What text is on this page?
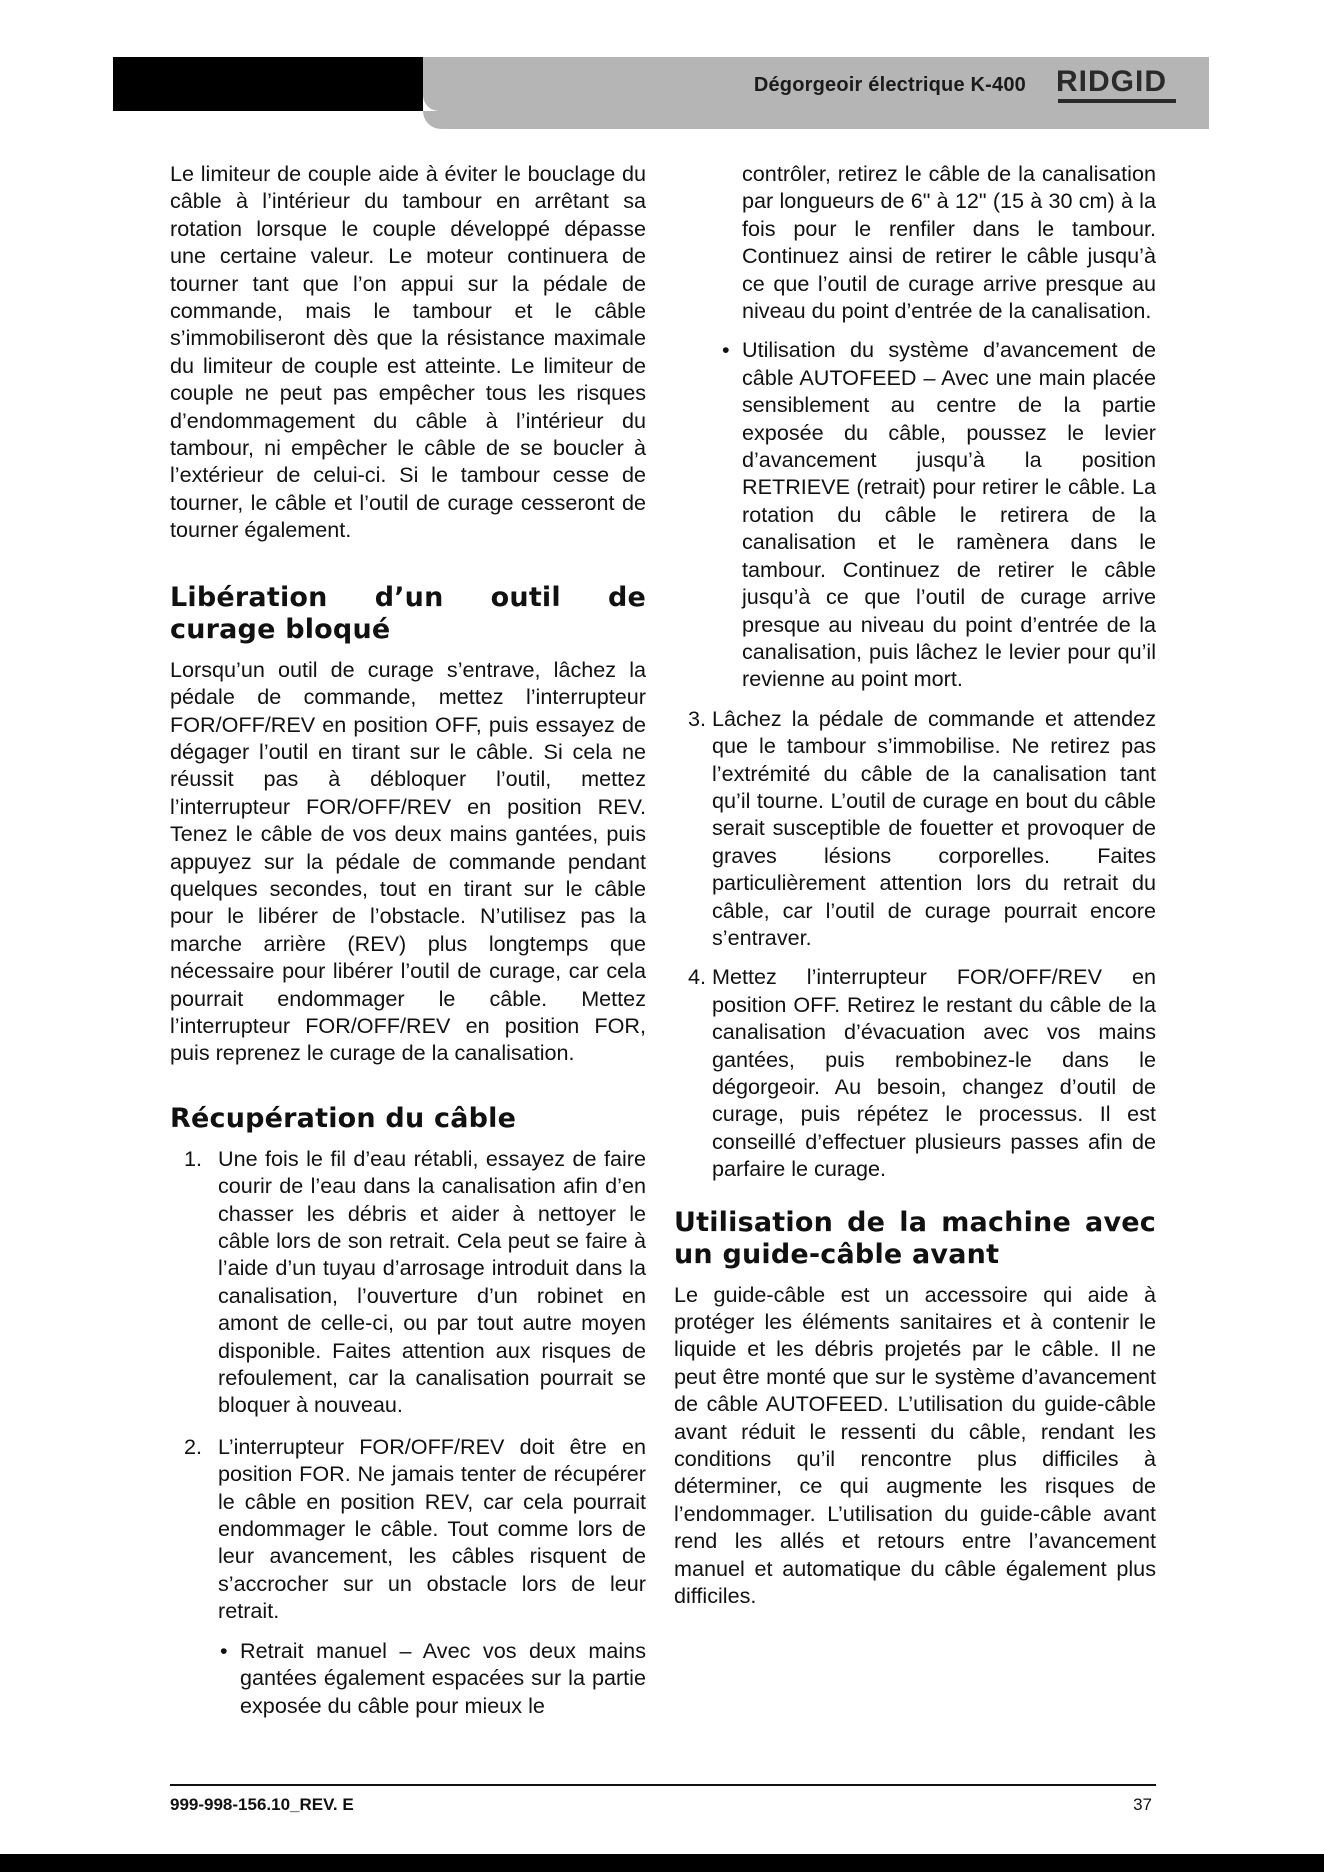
Dégorgeoir électrique K-400 RIDGID

Le limiteur de couple aide à éviter le bouclage du câble à l’intérieur du tambour en arrêtant sa rotation lorsque le couple développé dépasse une certaine valeur. Le moteur continuera de tourner tant que l’on appui sur la pédale de commande, mais le tambour et le câble s’immobiliseront dès que la résistance maximale du limiteur de couple est atteinte. Le limiteur de couple ne peut pas empêcher tous les risques d’endommagement du câble à l’intérieur du tambour, ni empêcher le câble de se boucler à l’extérieur de celui-ci. Si le tambour cesse de tourner, le câble et l’outil de curage cesseront de tourner également.

Libération d’un outil de curage bloqué

Lorsqu’un outil de curage s’entrave, lâchez la pédale de commande, mettez l’interrupteur FOR/OFF/REV en position OFF, puis essayez de dégager l’outil en tirant sur le câble. Si cela ne réussit pas à débloquer l’outil, mettez l’interrupteur FOR/OFF/REV en position REV. Tenez le câble de vos deux mains gantées, puis appuyez sur la pédale de commande pendant quelques secondes, tout en tirant sur le câble pour le libérer de l’obstacle. N’utilisez pas la marche arrière (REV) plus longtemps que nécessaire pour libérer l’outil de curage, car cela pourrait endommager le câble. Mettez l’interrupteur FOR/OFF/REV en position FOR, puis reprenez le curage de la canalisation.

Récupération du câble
1. Une fois le fil d’eau rétabli, essayez de faire courir de l’eau dans la canalisation afin d’en chasser les débris et aider à nettoyer le câble lors de son retrait. Cela peut se faire à l’aide d’un tuyau d’arrosage introduit dans la canalisation, l’ouverture d’un robinet en amont de celle-ci, ou par tout autre moyen disponible. Faites attention aux risques de refoulement, car la canalisation pourrait se bloquer à nouveau.

2. L’interrupteur FOR/OFF/REV doit être en position FOR. Ne jamais tenter de récupérer le câble en position REV, car cela pourrait endommager le câble. Tout comme lors de leur avancement, les câbles risquent de s’accrocher sur un obstacle lors de leur retrait.

• Retrait manuel – Avec vos deux mains gantées également espacées sur la partie exposée du câble pour mieux le

contrôler, retirez le câble de la canalisation par longueurs de 6" à 12" (15 à 30 cm) à la fois pour le renfiler dans le tambour. Continuez ainsi de retirer le câble jusqu’à ce que l’outil de curage arrive presque au niveau du point d’entrée de la canalisation.

• Utilisation du système d’avancement de câble AUTOFEED – Avec une main placée sensiblement au centre de la partie exposée du câble, poussez le levier d’avancement jusqu’à la position RETRIEVE (retrait) pour retirer le câble. La rotation du câble le retirera de la canalisation et le ramènera dans le tambour. Continuez de retirer le câble jusqu’à ce que l’outil de curage arrive presque au niveau du point d’entrée de la canalisation, puis lâchez le levier pour qu’il revienne au point mort.

3. Lâchez la pédale de commande et attendez que le tambour s’immobilise. Ne retirez pas l’extrémité du câble de la canalisation tant qu’il tourne. L’outil de curage en bout du câble serait susceptible de fouetter et provoquer de graves lésions corporelles. Faites particulièrement attention lors du retrait du câble, car l’outil de curage pourrait encore s’entraver.

4. Mettez l’interrupteur FOR/OFF/REV en position OFF. Retirez le restant du câble de la canalisation d’évacuation avec vos mains gantées, puis rembobinez-le dans le dégorgeoir. Au besoin, changez d’outil de curage, puis répétez le processus. Il est conseillé d’effectuer plusieurs passes afin de parfaire le curage.

Utilisation de la machine avec un guide-câble avant

Le guide-câble est un accessoire qui aide à protéger les éléments sanitaires et à contenir le liquide et les débris projetés par le câble. Il ne peut être monté que sur le système d’avancement de câble AUTOFEED. L’utilisation du guide-câble avant réduit le ressenti du câble, rendant les conditions qu’il rencontre plus difficiles à déterminer, ce qui augmente les risques de l’endommager. L’utilisation du guide-câble avant rend les allés et retours entre l’avancement manuel et automatique du câble également plus difficiles.

999-998-156.10_REV. E	37
